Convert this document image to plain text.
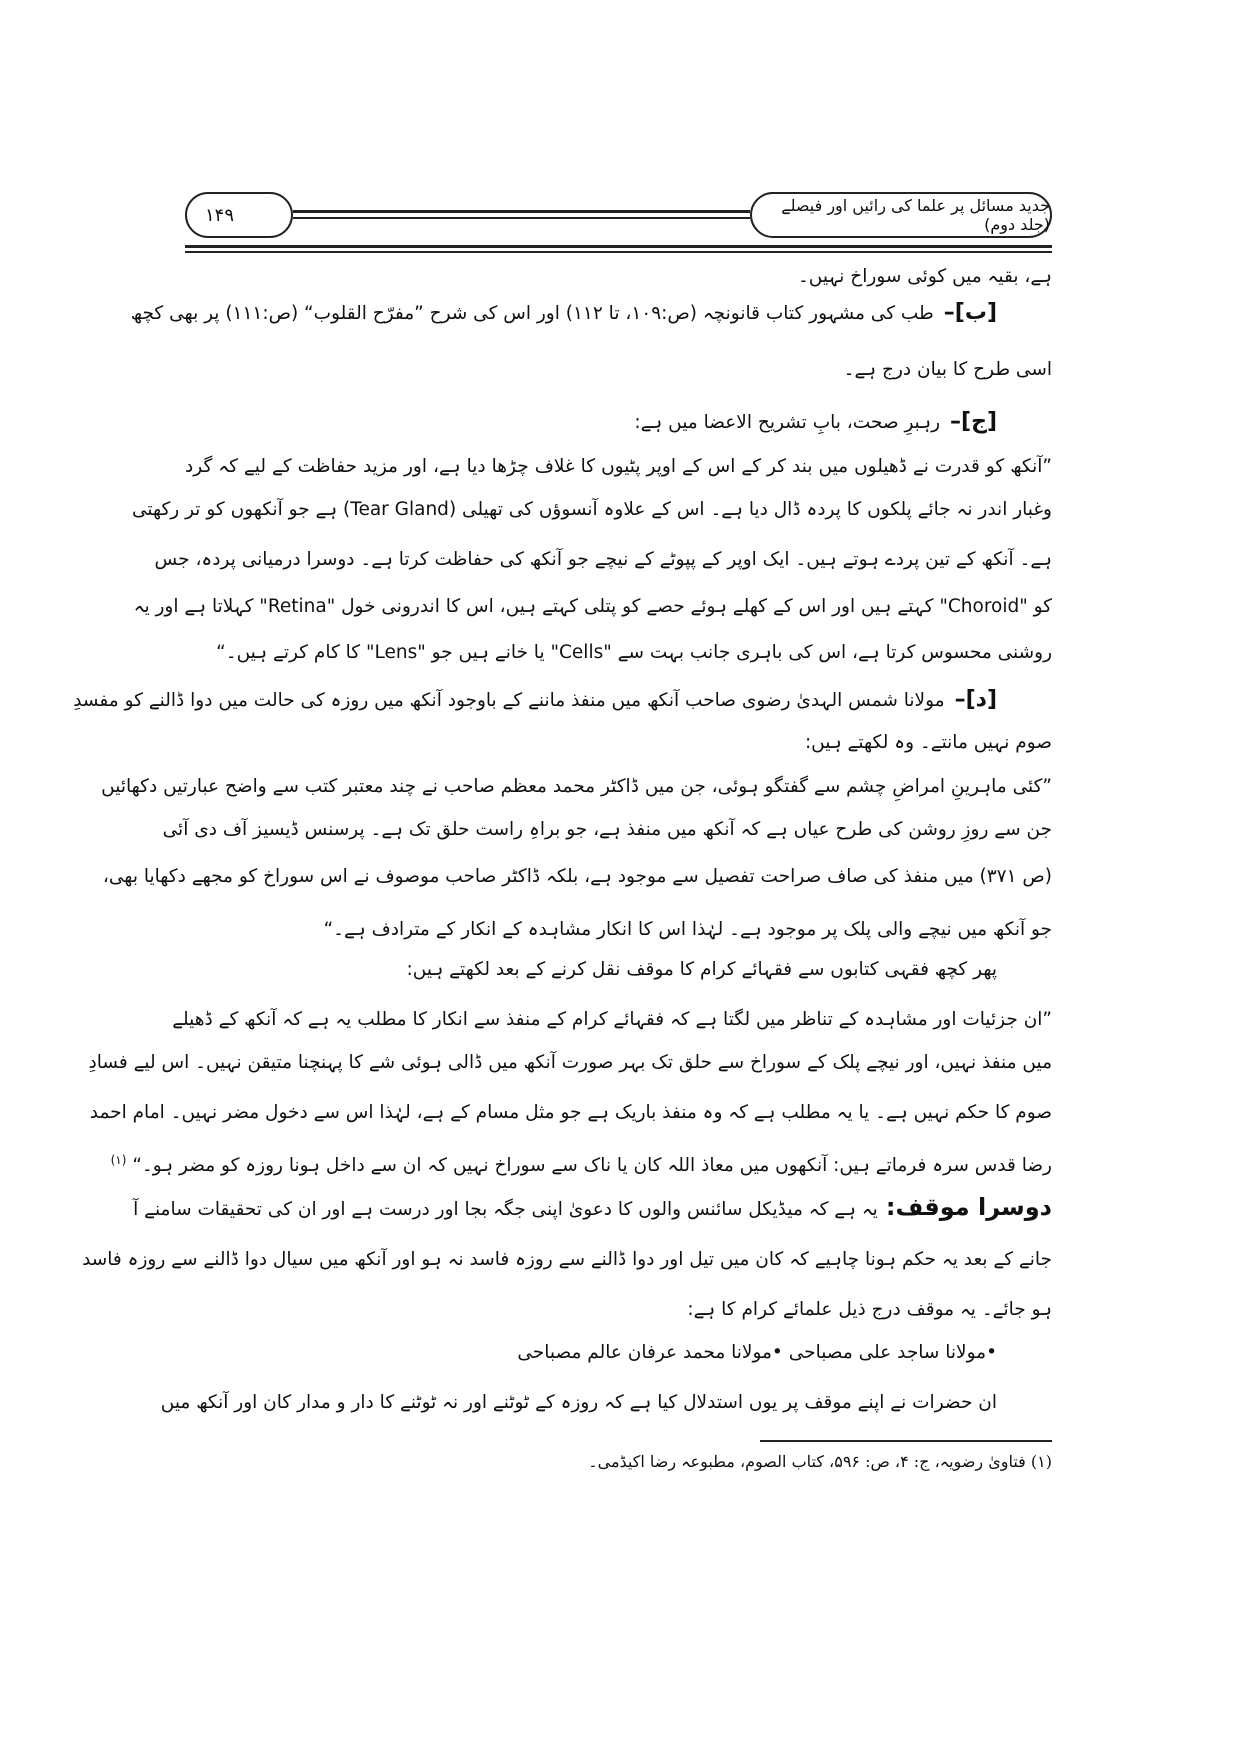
۱۴۹	جدید مسائل پر علما کی رائیں اور فیصلے (جلد دوم)
ہے، بقیہ میں کوئی سوراخ نہیں۔
[ب]–طب کی مشہور کتاب قانونچہ (ص:۱۰۹، تا ۱۱۲) اور اس کی شرح ”مفرّح القلوب“ (ص:۱۱۱) پر بھی کچھ
اسی طرح کا بیان درج ہے۔
[ج]–رہبرِ صحت، بابِ تشریح الاعضا میں ہے:
”آنکھ کو قدرت نے ڈھیلوں میں بند کر کے اس کے اوپر پٹیوں کا غلاف چڑھا دیا ہے، اور مزید حفاظت کے لیے کہ گرد
وغبار اندر نہ جائے پلکوں کا پردہ ڈال دیا ہے۔ اس کے علاوہ آنسوؤں کی تھیلی (Tear Gland) ہے جو آنکھوں کو تر رکھتی
ہے۔ آنکھ کے تین پردے ہوتے ہیں۔ ایک اوپر کے پپوٹے کے نیچے جو آنکھ کی حفاظت کرتا ہے۔ دوسرا درمیانی پردہ، جس
کو "Choroid" کہتے ہیں اور اس کے کھلے ہوئے حصے کو پتلی کہتے ہیں، اس کا اندرونی خول "Retina" کہلاتا ہے اور یہ
روشنی محسوس کرتا ہے، اس کی باہری جانب بہت سے "Cells" یا خانے ہیں جو "Lens" کا کام کرتے ہیں۔“
[د]–مولانا شمس الہدیٰ رضوی صاحب آنکھ میں منفذ ماننے کے باوجود آنکھ میں روزہ کی حالت میں دوا ڈالنے کو مفسدِ
صوم نہیں مانتے۔ وہ لکھتے ہیں:
”کئی ماہرینِ امراضِ چشم سے گفتگو ہوئی، جن میں ڈاکٹر محمد معظم صاحب نے چند معتبر کتب سے واضح عبارتیں دکھائیں
جن سے روزِ روشن کی طرح عیاں ہے کہ آنکھ میں منفذ ہے، جو براہِ راست حلق تک ہے۔ پرسنس ڈیسیز آف دی آئی
(ص ۳۷۱) میں منفذ کی صاف صراحت تفصیل سے موجود ہے، بلکہ ڈاکٹر صاحب موصوف نے اس سوراخ کو مجھے دکھایا بھی،
جو آنکھ میں نیچے والی پلک پر موجود ہے۔ لہٰذا اس کا انکار مشاہدہ کے انکار کے مترادف ہے۔“
پھر کچھ فقہی کتابوں سے فقہائے کرام کا موقف نقل کرنے کے بعد لکھتے ہیں:
”ان جزئیات اور مشاہدہ کے تناظر میں لگتا ہے کہ فقہائے کرام کے منفذ سے انکار کا مطلب یہ ہے کہ آنکھ کے ڈھیلے
میں منفذ نہیں، اور نیچے پلک کے سوراخ سے حلق تک بہر صورت آنکھ میں ڈالی ہوئی شے کا پہنچنا متیقن نہیں۔ اس لیے فسادِ
صوم کا حکم نہیں ہے۔ یا یہ مطلب ہے کہ وہ منفذ باریک ہے جو مثل مسام کے ہے، لہٰذا اس سے دخول مضر نہیں۔ امام احمد
رضا قدس سرہ فرماتے ہیں: آنکھوں میں معاذ اللہ کان یا ناک سے سوراخ نہیں کہ ان سے داخل ہونا روزہ کو مضر ہو۔“ $^{(۱)}$
دوسرا موقف:یہ ہے کہ میڈیکل سائنس والوں کا دعویٰ اپنی جگہ بجا اور درست ہے اور ان کی تحقیقات سامنے آ
جانے کے بعد یہ حکم ہونا چاہیے کہ کان میں تیل اور دوا ڈالنے سے روزہ فاسد نہ ہو اور آنکھ میں سیال دوا ڈالنے سے روزہ فاسد
ہو جائے۔ یہ موقف درج ذیل علمائے کرام کا ہے:
•مولانا ساجد علی مصباحی •مولانا محمد عرفان عالم مصباحی
ان حضرات نے اپنے موقف پر یوں استدلال کیا ہے کہ روزہ کے ٹوٹنے اور نہ ٹوٹنے کا دار و مدار کان اور آنکھ میں
(۱) فتاویٰ رضویہ، ج: ۴، ص: ۵۹۶، کتاب الصوم، مطبوعہ رضا اکیڈمی۔
